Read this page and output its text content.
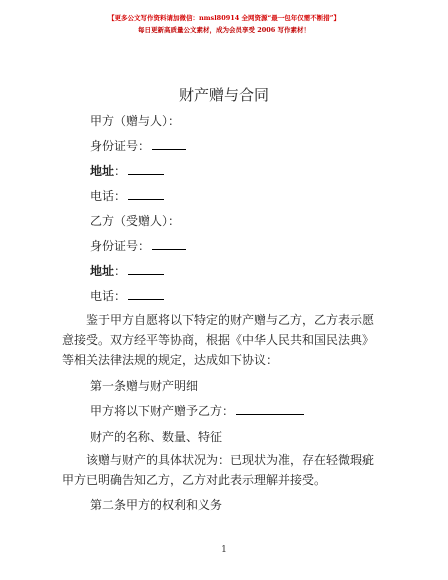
【更多公文写作资料请加微信：nmsl80914 全网资源“最一包年仅需不断措”】
每日更新高质量公文素材，成为会员享受 2006 写作素材！
财产赠与合同
甲方（赠与人）：
身份证号：
地址：
电话：
乙方（受赠人）：
身份证号：
地址：
电话：
鉴于甲方自愿将以下特定的财产赠与乙方，乙方表示愿意接受。双方经平等协商，根据《中华人民共和国民法典》等相关法律法规的规定，达成如下协议：
第一条赠与财产明细
甲方将以下财产赠予乙方：
财产的名称、数量、特征
该赠与财产的具体状况为：已现状为准，存在轻微瑕疵甲方已明确告知乙方，乙方对此表示理解并接受。
第二条甲方的权利和义务
1
